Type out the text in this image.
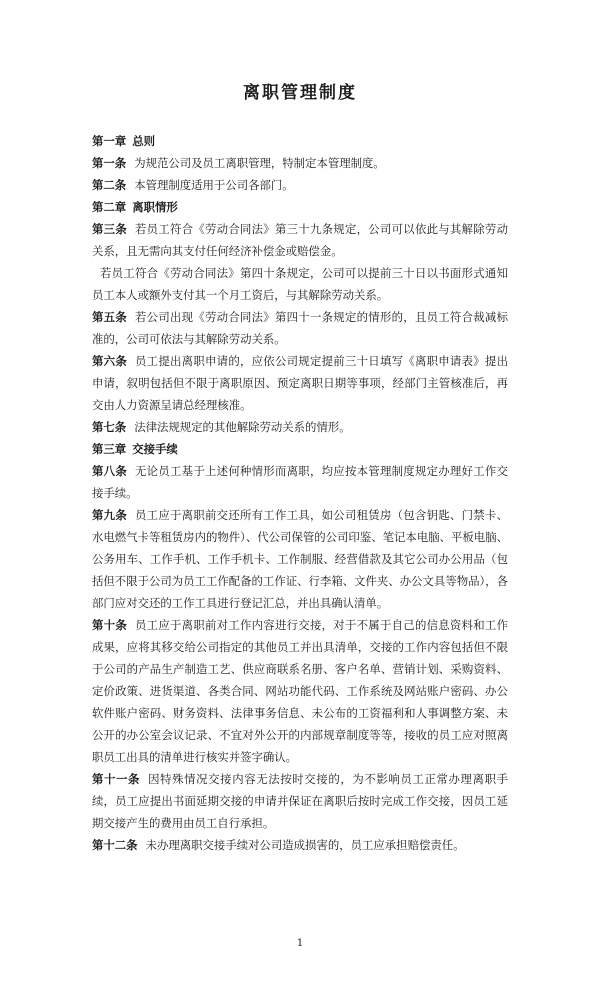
离职管理制度
第一章 总则
第一条 为规范公司及员工离职管理，特制定本管理制度。
第二条 本管理制度适用于公司各部门。
第二章 离职情形
第三条 若员工符合《劳动合同法》第三十九条规定，公司可以依此与其解除劳动关系，且无需向其支付任何经济补偿金或赔偿金。
若员工符合《劳动合同法》第四十条规定，公司可以提前三十日以书面形式通知员工本人或额外支付其一个月工资后，与其解除劳动关系。
第五条 若公司出现《劳动合同法》第四十一条规定的情形的，且员工符合裁减标准的，公司可依法与其解除劳动关系。
第六条 员工提出离职申请的，应依公司规定提前三十日填写《离职申请表》提出申请，叙明包括但不限于离职原因、预定离职日期等事项，经部门主管核准后，再交由人力资源呈请总经理核准。
第七条 法律法规规定的其他解除劳动关系的情形。
第三章 交接手续
第八条 无论员工基于上述何种情形而离职，均应按本管理制度规定办理好工作交接手续。
第九条 员工应于离职前交还所有工作工具，如公司租赁房（包含钥匙、门禁卡、水电燃气卡等租赁房内的物件）、代公司保管的公司印鉴、笔记本电脑、平板电脑、公务用车、工作手机、工作手机卡、工作制服、经营借款及其它公司办公用品（包括但不限于公司为员工工作配备的工作证、行李箱、文件夹、办公文具等物品），各部门应对交还的工作工具进行登记汇总，并出具确认清单。
第十条 员工应于离职前对工作内容进行交接，对于不属于自己的信息资料和工作成果，应将其移交给公司指定的其他员工并出具清单，交接的工作内容包括但不限于公司的产品生产制造工艺、供应商联系名册、客户名单、营销计划、采购资料、定价政策、进货渠道、各类合同、网站功能代码、工作系统及网站账户密码、办公软件账户密码、财务资料、法律事务信息、未公布的工资福利和人事调整方案、未公开的办公室会议记录、不宜对外公开的内部规章制度等等，接收的员工应对照离职员工出具的清单进行核实并签字确认。
第十一条 因特殊情况交接内容无法按时交接的，为不影响员工正常办理离职手续，员工应提出书面延期交接的申请并保证在离职后按时完成工作交接，因员工延期交接产生的费用由员工自行承担。
第十二条 未办理离职交接手续对公司造成损害的，员工应承担赔偿责任。
1
